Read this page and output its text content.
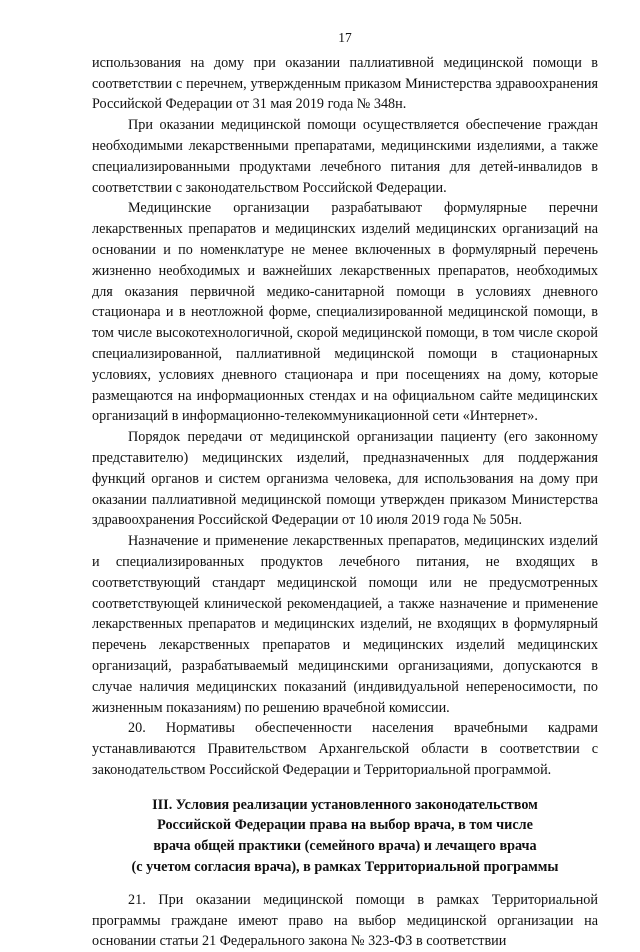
17

использования на дому при оказании паллиативной медицинской помощи в соответствии с перечнем, утвержденным приказом Министерства здравоохранения Российской Федерации от 31 мая 2019 года № 348н.

При оказании медицинской помощи осуществляется обеспечение граждан необходимыми лекарственными препаратами, медицинскими изделиями, а также специализированными продуктами лечебного питания для детей-инвалидов в соответствии с законодательством Российской Федерации.

Медицинские организации разрабатывают формулярные перечни лекарственных препаратов и медицинских изделий медицинских организаций на основании и по номенклатуре не менее включенных в формулярный перечень жизненно необходимых и важнейших лекарственных препаратов, необходимых для оказания первичной медико-санитарной помощи в условиях дневного стационара и в неотложной форме, специализированной медицинской помощи, в том числе высокотехнологичной, скорой медицинской помощи, в том числе скорой специализированной, паллиативной медицинской помощи в стационарных условиях, условиях дневного стационара и при посещениях на дому, которые размещаются на информационных стендах и на официальном сайте медицинских организаций в информационно-телекоммуникационной сети «Интернет».

Порядок передачи от медицинской организации пациенту (его законному представителю) медицинских изделий, предназначенных для поддержания функций органов и систем организма человека, для использования на дому при оказании паллиативной медицинской помощи утвержден приказом Министерства здравоохранения Российской Федерации от 10 июля 2019 года № 505н.

Назначение и применение лекарственных препаратов, медицинских изделий и специализированных продуктов лечебного питания, не входящих в соответствующий стандарт медицинской помощи или не предусмотренных соответствующей клинической рекомендацией, а также назначение и применение лекарственных препаратов и медицинских изделий, не входящих в формулярный перечень лекарственных препаратов и медицинских изделий медицинских организаций, разрабатываемый медицинскими организациями, допускаются в случае наличия медицинских показаний (индивидуальной непереносимости, по жизненным показаниям) по решению врачебной комиссии.

20. Нормативы обеспеченности населения врачебными кадрами устанавливаются Правительством Архангельской области в соответствии с законодательством Российской Федерации и Территориальной программой.

III. Условия реализации установленного законодательством
Российской Федерации права на выбор врача, в том числе
врача общей практики (семейного врача) и лечащего врача
(с учетом согласия врача), в рамках Территориальной программы

21. При оказании медицинской помощи в рамках Территориальной программы граждане имеют право на выбор медицинской организации на основании статьи 21 Федерального закона № 323-ФЗ в соответствии
